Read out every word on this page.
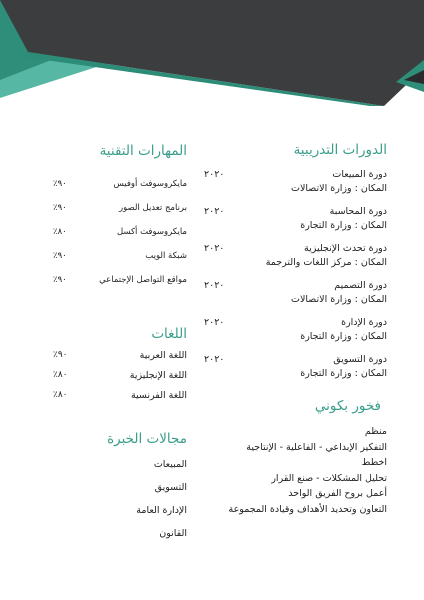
الدورات التدريبية
دورة المبيعات
٢٠٢٠
المكان : وزارة الاتصالات
دورة المحاسبة
٢٠٢٠
المكان : وزارة التجارة
دورة تحدث الإنجليزية
٢٠٢٠
المكان : مركز اللغات والترجمة
دورة التصميم
٢٠٢٠
المكان : وزارة الاتصالات
دورة الإدارة
٢٠٢٠
المكان : وزارة التجارة
دورة التسويق
٢٠٢٠
المكان : وزارة التجارة
فخور بكوني
منظم
التفكير الإبداعي - الفاعلية - الإنتاجية
اخطط
تحليل المشكلات - صنع القرار
أعمل بروح الفريق الواحد
التعاون وتحديد الأهداف وقيادة المجموعة
المهارات التقنية
مايكروسوفت أوفيس
٩٠٪
برنامج تعديل الصور
٩٠٪
مايكروسوفت أكسل
٨٠٪
شبكة الويب
٩٠٪
مواقع التواصل الإجتماعي
٩٠٪
اللغات
اللغة العربية
٩٠٪
اللغة الإنجليزية
٨٠٪
اللغة الفرنسية
٨٠٪
مجالات الخبرة
المبيعات
التسويق
الإدارة العامة
القانون
